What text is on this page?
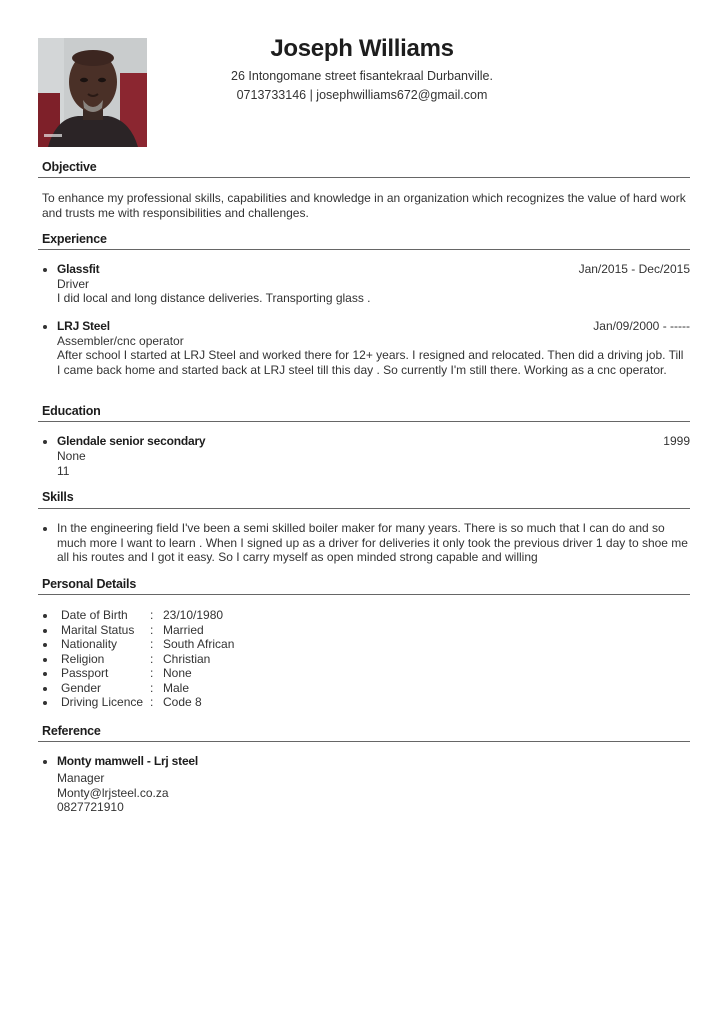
Joseph Williams
26 Intongomane street fisantekraal Durbanville.
0713733146 | josephwilliams672@gmail.com
Objective
To enhance my professional skills, capabilities and knowledge in an organization which recognizes the value of hard work and trusts me with responsibilities and challenges.
Experience
Glassfit	Jan/2015 - Dec/2015
Driver
I did local and long distance deliveries. Transporting glass .
LRJ Steel	Jan/09/2000 - -----
Assembler/cnc operator
After school I started at LRJ Steel and worked there for 12+ years. I resigned and relocated. Then did a driving job. Till I came back home and started back at LRJ steel till this day . So currently I'm still there. Working as a cnc operator.
Education
Glendale senior secondary	1999
None
11
Skills
In the engineering field I've been a semi skilled boiler maker for many years. There is so much that I can do and so much more I want to learn . When I signed up as a driver for deliveries it only took the previous driver 1 day to shoe me all his routes and I got it easy. So I carry myself as open minded strong capable and willing
Personal Details
Date of Birth : 23/10/1980
Marital Status : Married
Nationality	: South African
Religion	: Christian
Passport	: None
Gender	: Male
Driving Licence : Code 8
Reference
Monty mamwell - Lrj steel
Manager
Monty@lrjsteel.co.za
0827721910
